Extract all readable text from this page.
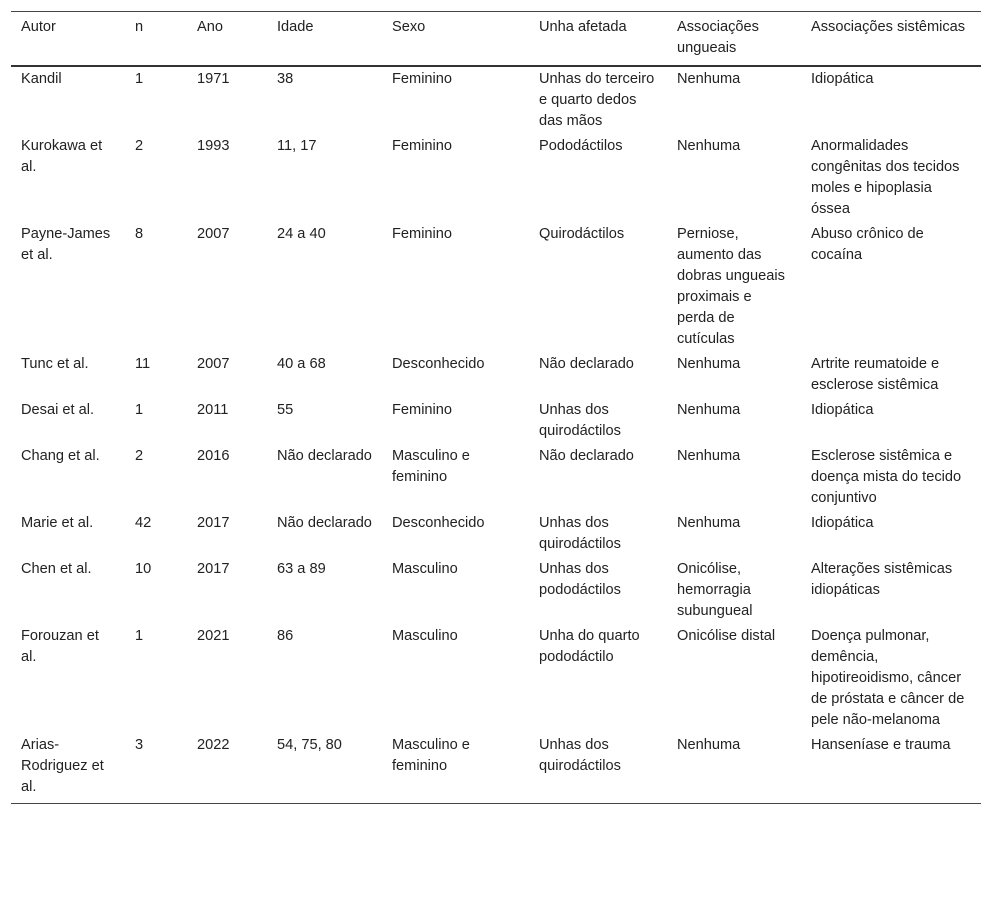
Autor	n	Ano	Idade	Sexo	Unha afetada	Associações ungueais	Associações sistêmicas
Kandil	1	1971	38	Feminino	Unhas do terceiro e quarto dedos das mãos	Nenhuma	Idiopática
Kurokawa et al.	2	1993	11, 17	Feminino	Pododáctilos	Nenhuma	Anormalidades congênitas dos tecidos moles e hipoplasia óssea
Payne-James et al.	8	2007	24 a 40	Feminino	Quirodáctilos	Perniose, aumento das dobras ungueais proximais e perda de cutículas	Abuso crônico de cocaína
Tunc et al.	11	2007	40 a 68	Desconhecido	Não declarado	Nenhuma	Artrite reumatoide e esclerose sistêmica
Desai et al.	1	2011	55	Feminino	Unhas dos quirodáctilos	Nenhuma	Idiopática
Chang et al.	2	2016	Não declarado	Masculino e feminino	Não declarado	Nenhuma	Esclerose sistêmica e doença mista do tecido conjuntivo
Marie et al.	42	2017	Não declarado	Desconhecido	Unhas dos quirodáctilos	Nenhuma	Idiopática
Chen et al.	10	2017	63 a 89	Masculino	Unhas dos pododáctilos	Onicólise, hemorragia subungueal	Alterações sistêmicas idiopáticas
Forouzan et al.	1	2021	86	Masculino	Unha do quarto pododáctilo	Onicólise distal	Doença pulmonar, demência, hipotireoidismo, câncer de próstata e câncer de pele não-melanoma
Arias-Rodriguez et al.	3	2022	54, 75, 80	Masculino e feminino	Unhas dos quirodáctilos	Nenhuma	Hanseníase e trauma
